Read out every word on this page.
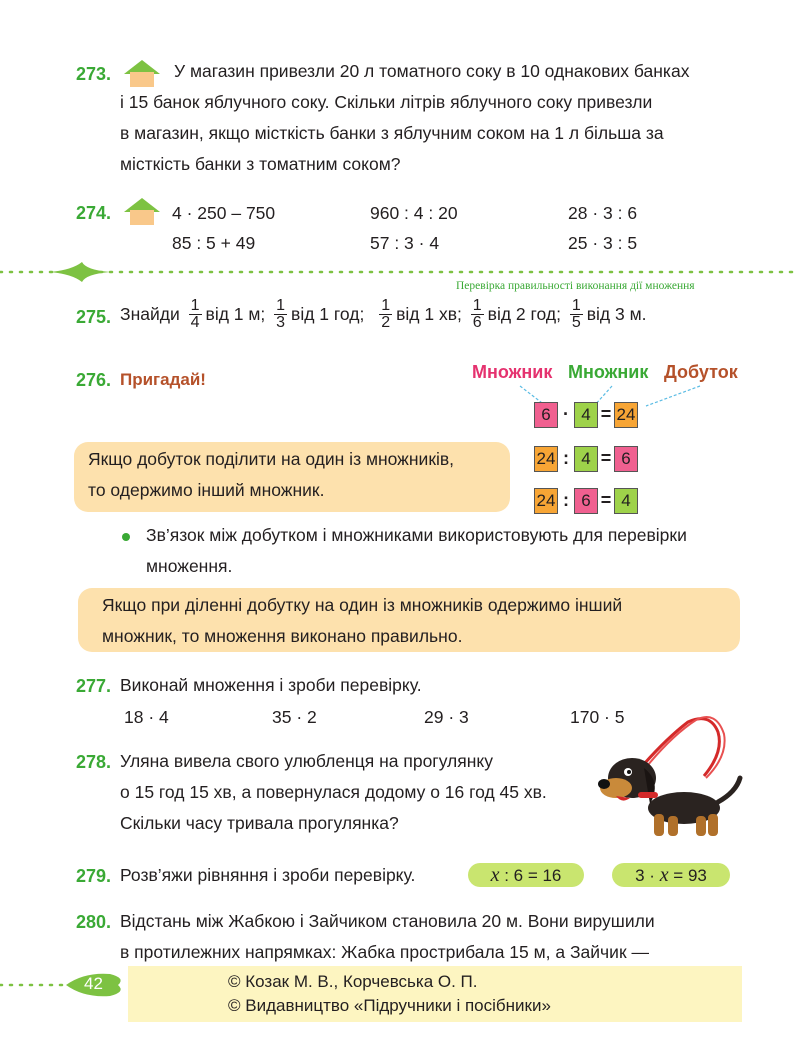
273.	У магазин привезли 20 л томатного соку в 10 однакових банках
і 15 банок яблучного соку. Скільки літрів яблучного соку привезли
в магазин, якщо місткість банки з яблучним соком на 1 л більша за
місткість банки з томатним соком?
274.	4 · 250 – 750	960 : 4 : 20	28 · 3 : 6
85 : 5 + 49	57 : 3 · 4	25 · 3 : 5
Перевірка правильності виконання дії множення
275. Знайди $\frac{1}{4}$ від 1 м; $\frac{1}{3}$ від 1 год; $\frac{1}{2}$ від 1 хв; $\frac{1}{6}$ від 2 год; $\frac{1}{5}$ від 3 м.
276. Пригадай!	Множник Множник Добуток
6 · 4 = 24
24 : 4 = 6
24 : 6 = 4
Якщо добуток поділити на один із множників,
то одержимо інший множник.
Зв’язок між добутком і множниками використовують для перевірки
множення.
Якщо при діленні добутку на один із множників одержимо інший
множник, то множення виконано правильно.
277. Виконай множення і зроби перевірку.
18 · 4	35 · 2	29 · 3	170 · 5
278. Уляна вивела свого улюбленця на прогулянку
о 15 год 15 хв, а повернулася додому о 16 год 45 хв.
Скільки часу тривала прогулянка?
279. Розв’яжи рівняння і зроби перевірку.	x : 6 = 16	3 · x = 93
280. Відстань між Жабкою і Зайчиком становила 20 м. Вони вирушили
в протилежних напрямках: Жабка прострибала 15 м, а Зайчик —
© Козак М. В., Корчевська О. П.
© Видавництво «Підручники і посібники»
42
